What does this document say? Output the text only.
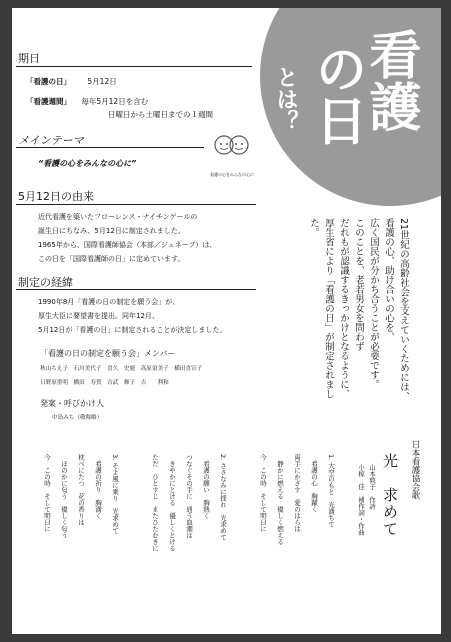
看護
の日
とは？
期日
「看護の日」 5月12日
「看護週間」 毎年5月12日を含む
日曜日から土曜日までの１週間
メインテーマ
“看護の心をみんなの心に”
看護の心をみんなの心に
5月12日の由来
近代看護を築いたフローレンス・ナイチンゲールの
誕生日にちなみ、5月12日に制定されました。
1965年から、国際看護師協会（本部／ジュネーブ）は、
この日を「国際看護師の日」に定めています。
制定の経緯
1990年8月「看護の日の制定を願う会」が、
厚生大臣に要望書を提出。同年12月、
5月12日が「看護の日」に制定されることが決定しました。
「看護の日の制定を願う会」メンバー
秋山ちえ子　石川美代子　喜久　史鹿　高原須美子　横田喜宣子
日野原重明　橋田　寿賀　吉武　輝子　吉　　利和
発案・呼びかけ人
中島みち（敬称略）
21世紀の高齢社会を支えていくためには、
看護の心、助け合いの心を、
広く国民が分かち合うことが必要です。
このことを、老若男女を問わず
だれもが認識するきっかけとなるように、
厚生省により「看護の日」が制定されました。
日本看護協会歌
光　求めて
山本敦子　作詩
小椋　佳　補作詞・作曲
1. 大空のもと　光満ちて
　看護の心　胸躍く
両手にかざす　愛のはらは
　静かに燃える　優しく燃える
今　この時　そして明日に
2. ささなみに揺れ　光求めて
　看護の願い　胸熱く
つなぐその手に　通う血潮は
　きやかにとける　優しくとける
ただ　ひとすじ　またひたむきに
3. そよ風に乗り　光求めて
　看護の祈り　胸満く
枕べにたつ　花の香りは
　ほのかに匂う　優しく匂う
今　この時　そして明日に
